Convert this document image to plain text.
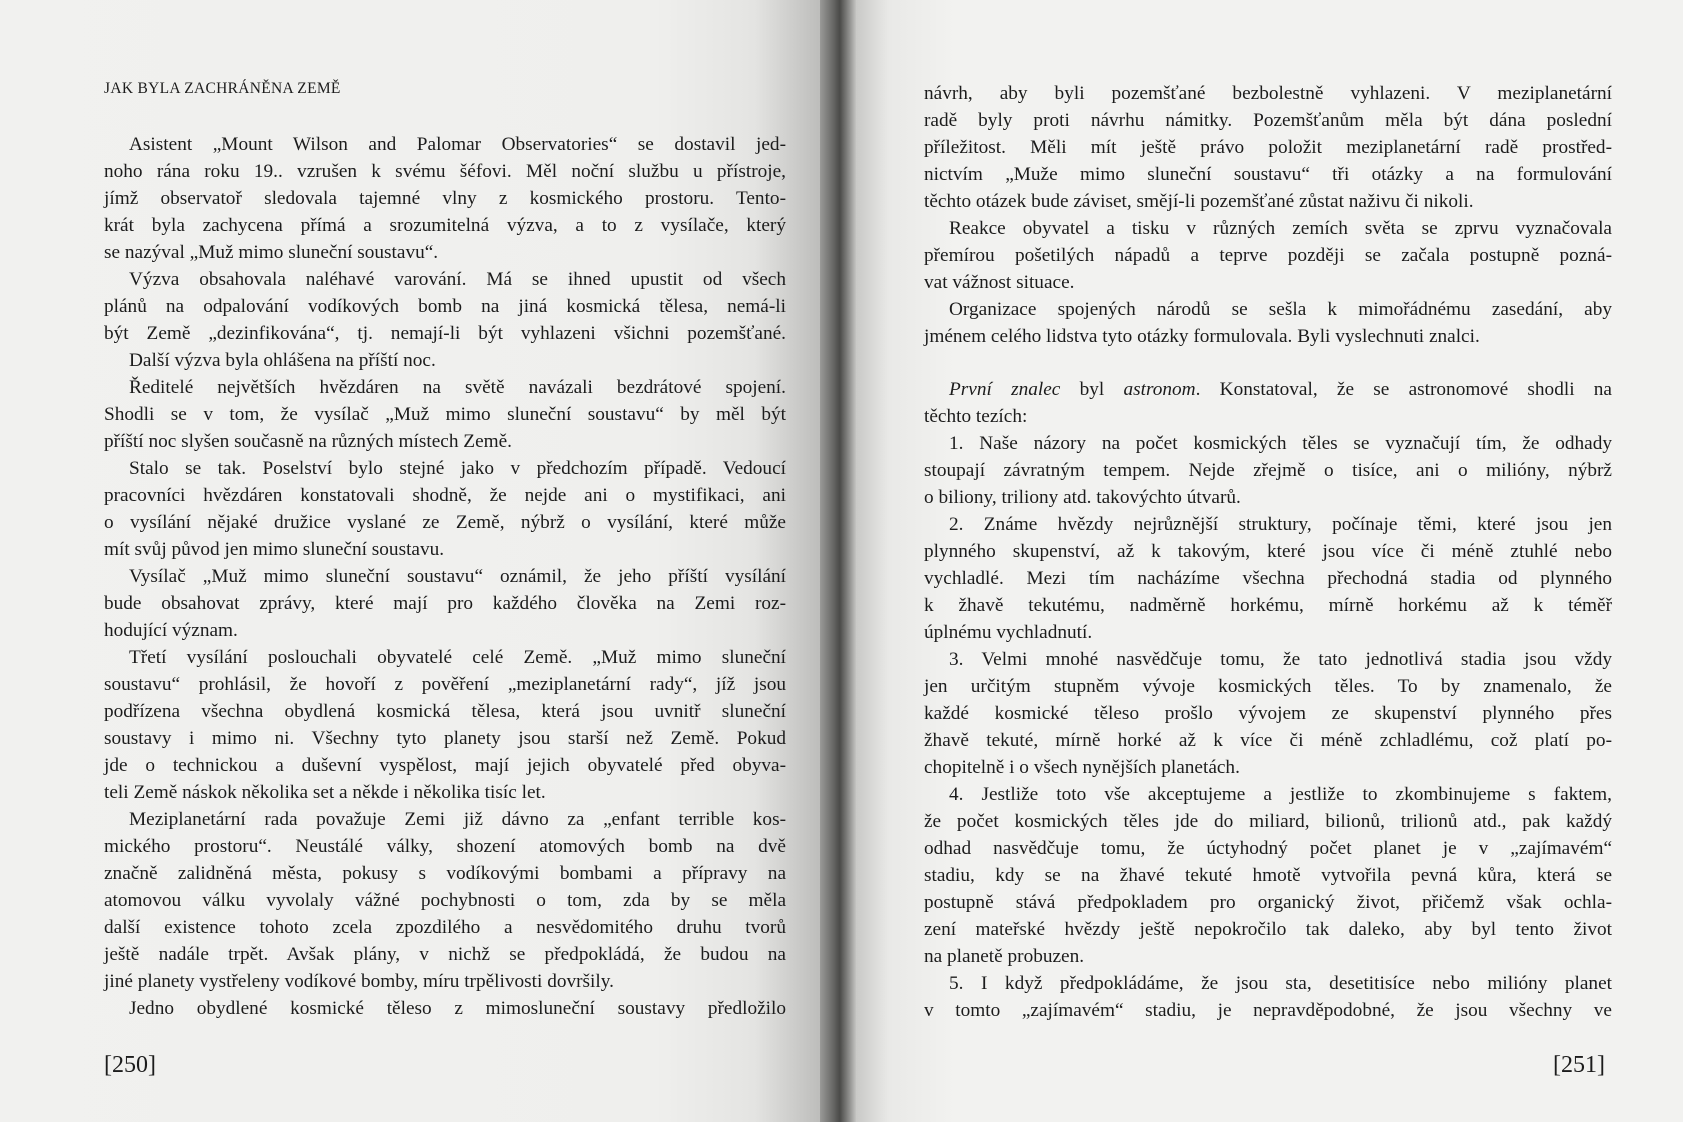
JAK BYLA ZACHRÁNĚNA ZEMĚ
Asistent „Mount Wilson and Palomar Observatories“ se dostavil jed-
noho rána roku 19.. vzrušen k svému šéfovi. Měl noční službu u přístroje,
jímž observatoř sledovala tajemné vlny z kosmického prostoru. Tento-
krát byla zachycena přímá a srozumitelná výzva, a to z vysílače, který
se nazýval „Muž mimo sluneční soustavu“.
Výzva obsahovala naléhavé varování. Má se ihned upustit od všech
plánů na odpalování vodíkových bomb na jiná kosmická tělesa, nemá-li
být Země „dezinfikována“, tj. nemají-li být vyhlazeni všichni pozemšťané.
Další výzva byla ohlášena na příští noc.
Ředitelé největších hvězdáren na světě navázali bezdrátové spojení.
Shodli se v tom, že vysílač „Muž mimo sluneční soustavu“ by měl být
příští noc slyšen současně na různých místech Země.
Stalo se tak. Poselství bylo stejné jako v předchozím případě. Vedoucí
pracovníci hvězdáren konstatovali shodně, že nejde ani o mystifikaci, ani
o vysílání nějaké družice vyslané ze Země, nýbrž o vysílání, které může
mít svůj původ jen mimo sluneční soustavu.
Vysílač „Muž mimo sluneční soustavu“ oznámil, že jeho příští vysílání
bude obsahovat zprávy, které mají pro každého člověka na Zemi roz-
hodující význam.
Třetí vysílání poslouchali obyvatelé celé Země. „Muž mimo sluneční
soustavu“ prohlásil, že hovoří z pověření „meziplanetární rady“, jíž jsou
podřízena všechna obydlená kosmická tělesa, která jsou uvnitř sluneční
soustavy i mimo ni. Všechny tyto planety jsou starší než Země. Pokud
jde o technickou a duševní vyspělost, mají jejich obyvatelé před obyva-
teli Země náskok několika set a někde i několika tisíc let.
Meziplanetární rada považuje Zemi již dávno za „enfant terrible kos-
mického prostoru“. Neustálé války, shození atomových bomb na dvě
značně zalidněná města, pokusy s vodíkovými bombami a přípravy na
atomovou válku vyvolaly vážné pochybnosti o tom, zda by se měla
další existence tohoto zcela zpozdilého a nesvědomitého druhu tvorů
ještě nadále trpět. Avšak plány, v nichž se předpokládá, že budou na
jiné planety vystřeleny vodíkové bomby, míru trpělivosti dovršily.
Jedno obydlené kosmické těleso z mimosluneční soustavy předložilo
[250]
návrh, aby byli pozemšťané bezbolestně vyhlazeni. V meziplanetární
radě byly proti návrhu námitky. Pozemšťanům měla být dána poslední
příležitost. Měli mít ještě právo položit meziplanetární radě prostřed-
nictvím „Muže mimo sluneční soustavu“ tři otázky a na formulování
těchto otázek bude záviset, smějí-li pozemšťané zůstat naživu či nikoli.
Reakce obyvatel a tisku v různých zemích světa se zprvu vyznačovala
přemírou pošetilých nápadů a teprve později se začala postupně pozná-
vat vážnost situace.
Organizace spojených národů se sešla k mimořádnému zasedání, aby
jménem celého lidstva tyto otázky formulovala. Byli vyslechnuti znalci.
První znalec byl astronom. Konstatoval, že se astronomové shodli na
těchto tezích:
1. Naše názory na počet kosmických těles se vyznačují tím, že odhady
stoupají závratným tempem. Nejde zřejmě o tisíce, ani o milióny, nýbrž
o biliony, triliony atd. takovýchto útvarů.
2. Známe hvězdy nejrůznější struktury, počínaje těmi, které jsou jen
plynného skupenství, až k takovým, které jsou více či méně ztuhlé nebo
vychladlé. Mezi tím nacházíme všechna přechodná stadia od plynného
k žhavě tekutému, nadměrně horkému, mírně horkému až k téměř
úplnému vychladnutí.
3. Velmi mnohé nasvědčuje tomu, že tato jednotlivá stadia jsou vždy
jen určitým stupněm vývoje kosmických těles. To by znamenalo, že
každé kosmické těleso prošlo vývojem ze skupenství plynného přes
žhavě tekuté, mírně horké až k více či méně zchladlému, což platí po-
chopitelně i o všech nynějších planetách.
4. Jestliže toto vše akceptujeme a jestliže to zkombinujeme s faktem,
že počet kosmických těles jde do miliard, bilionů, trilionů atd., pak každý
odhad nasvědčuje tomu, že úctyhodný počet planet je v „zajímavém“
stadiu, kdy se na žhavé tekuté hmotě vytvořila pevná kůra, která se
postupně stává předpokladem pro organický život, přičemž však ochla-
zení mateřské hvězdy ještě nepokročilo tak daleko, aby byl tento život
na planetě probuzen.
5. I když předpokládáme, že jsou sta, desetitisíce nebo milióny planet
v tomto „zajímavém“ stadiu, je nepravděpodobné, že jsou všechny ve
[251]
